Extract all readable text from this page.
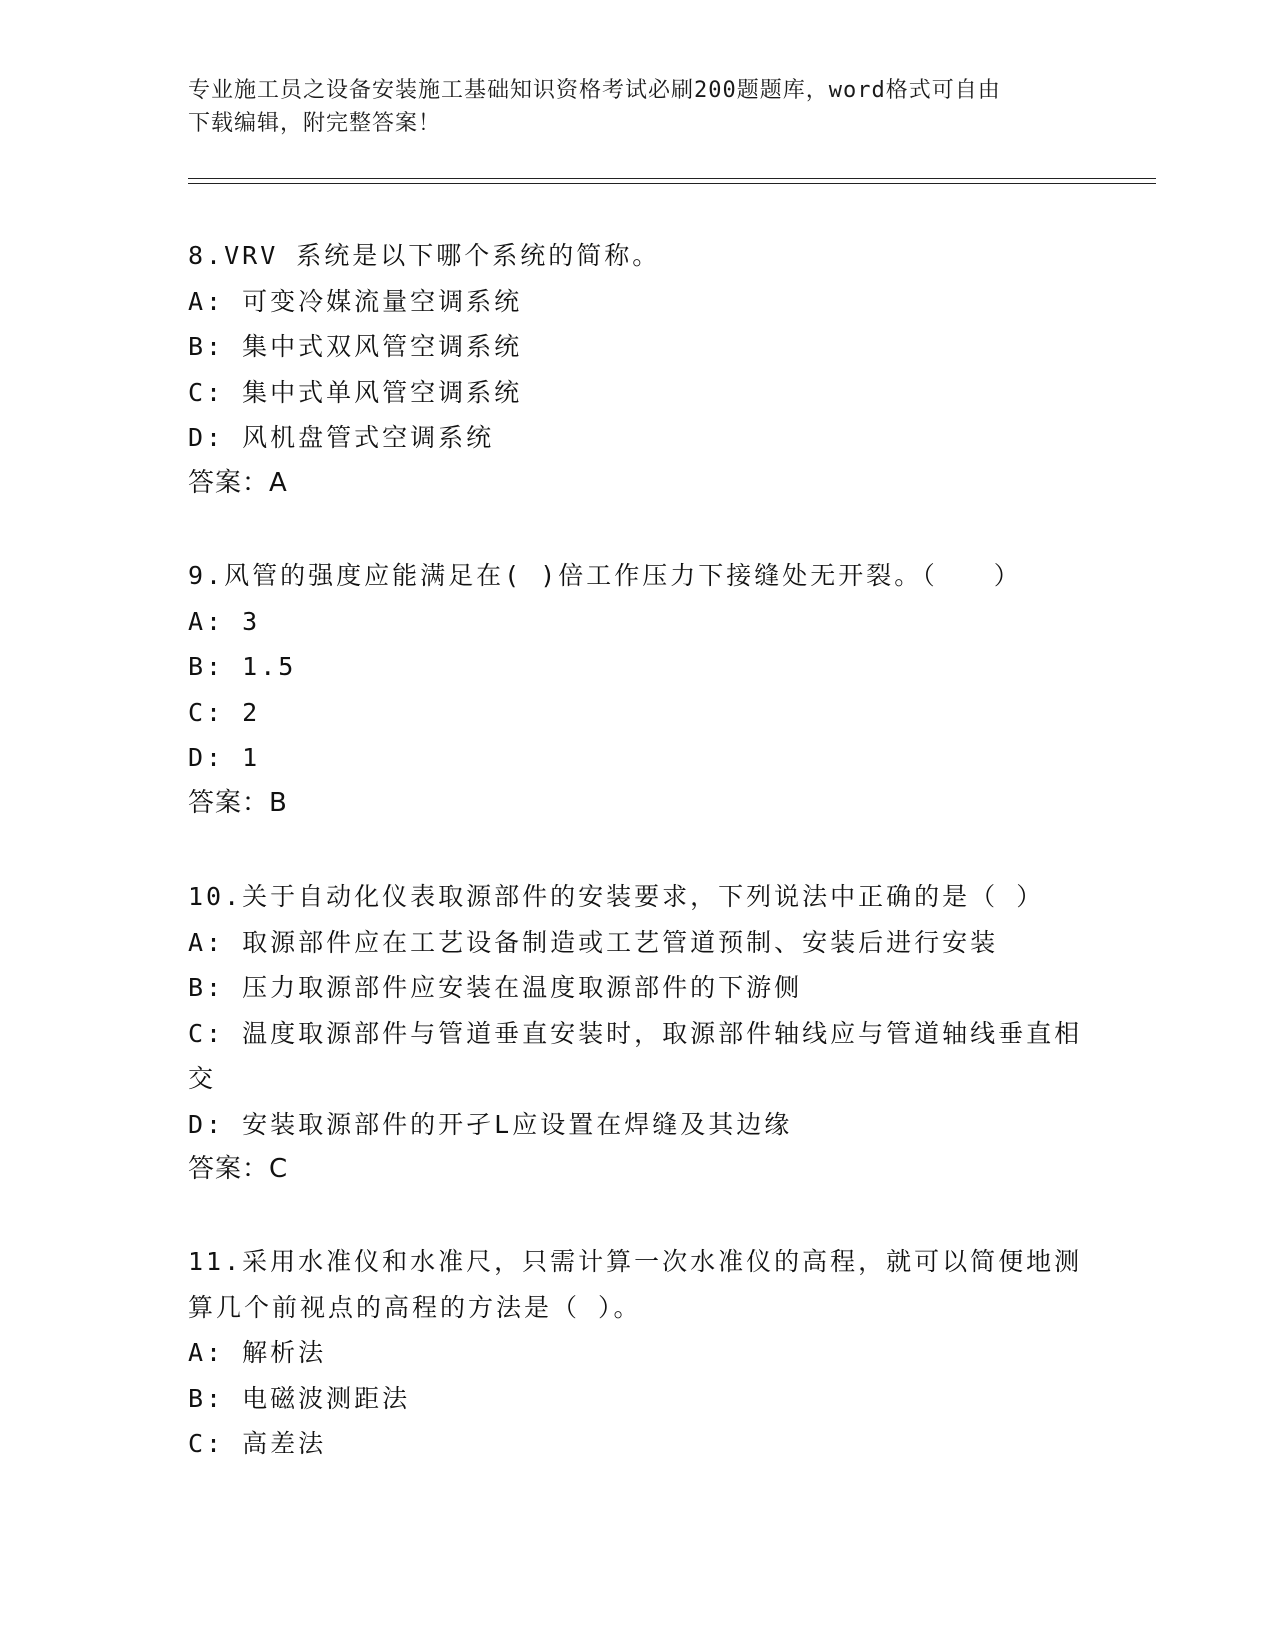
专业施工员之设备安装施工基础知识资格考试必刷200题题库，word格式可自由
下载编辑，附完整答案！

8.VRV 系统是以下哪个系统的简称。

A: 可变冷媒流量空调系统

B: 集中式双风管空调系统

C: 集中式单风管空调系统

D: 风机盘管式空调系统

答案：A

9.风管的强度应能满足在( )倍工作压力下接缝处无开裂。（　　）

A: 3

B: 1.5

C: 2

D: 1

答案：B

10.关于自动化仪表取源部件的安装要求，下列说法中正确的是（ ）

A: 取源部件应在工艺设备制造或工艺管道预制、安装后进行安装

B: 压力取源部件应安装在温度取源部件的下游侧

C: 温度取源部件与管道垂直安装时，取源部件轴线应与管道轴线垂直相交

D: 安装取源部件的开孑L应设置在焊缝及其边缘

答案：C

11.采用水准仪和水准尺，只需计算一次水准仪的高程，就可以简便地测算几个前视点的高程的方法是（ ）。

A: 解析法

B: 电磁波测距法

C: 高差法
